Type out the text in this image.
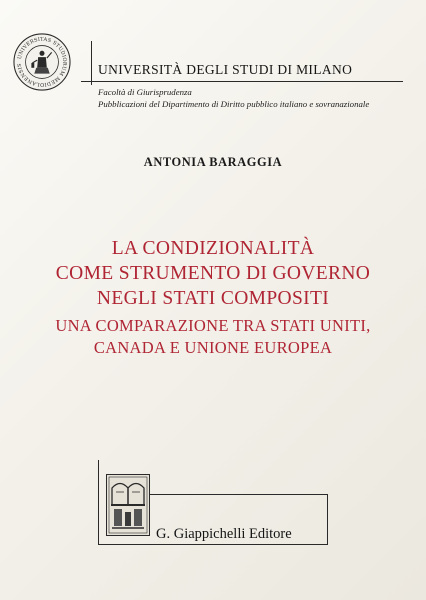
UNIVERSITAS STUDIORUM MEDIOLANENSIS	UNIVERSITÀ DEGLI STUDI DI MILANO
Facoltà di Giurisprudenza
Pubblicazioni del Dipartimento di Diritto pubblico italiano e sovranazionale
ANTONIA BARAGGIA
LA CONDIZIONALITÀ
COME STRUMENTO DI GOVERNO
NEGLI STATI COMPOSITI
UNA COMPARAZIONE TRA STATI UNITI,
CANADA E UNIONE EUROPEA
G. Giappichelli Editore
